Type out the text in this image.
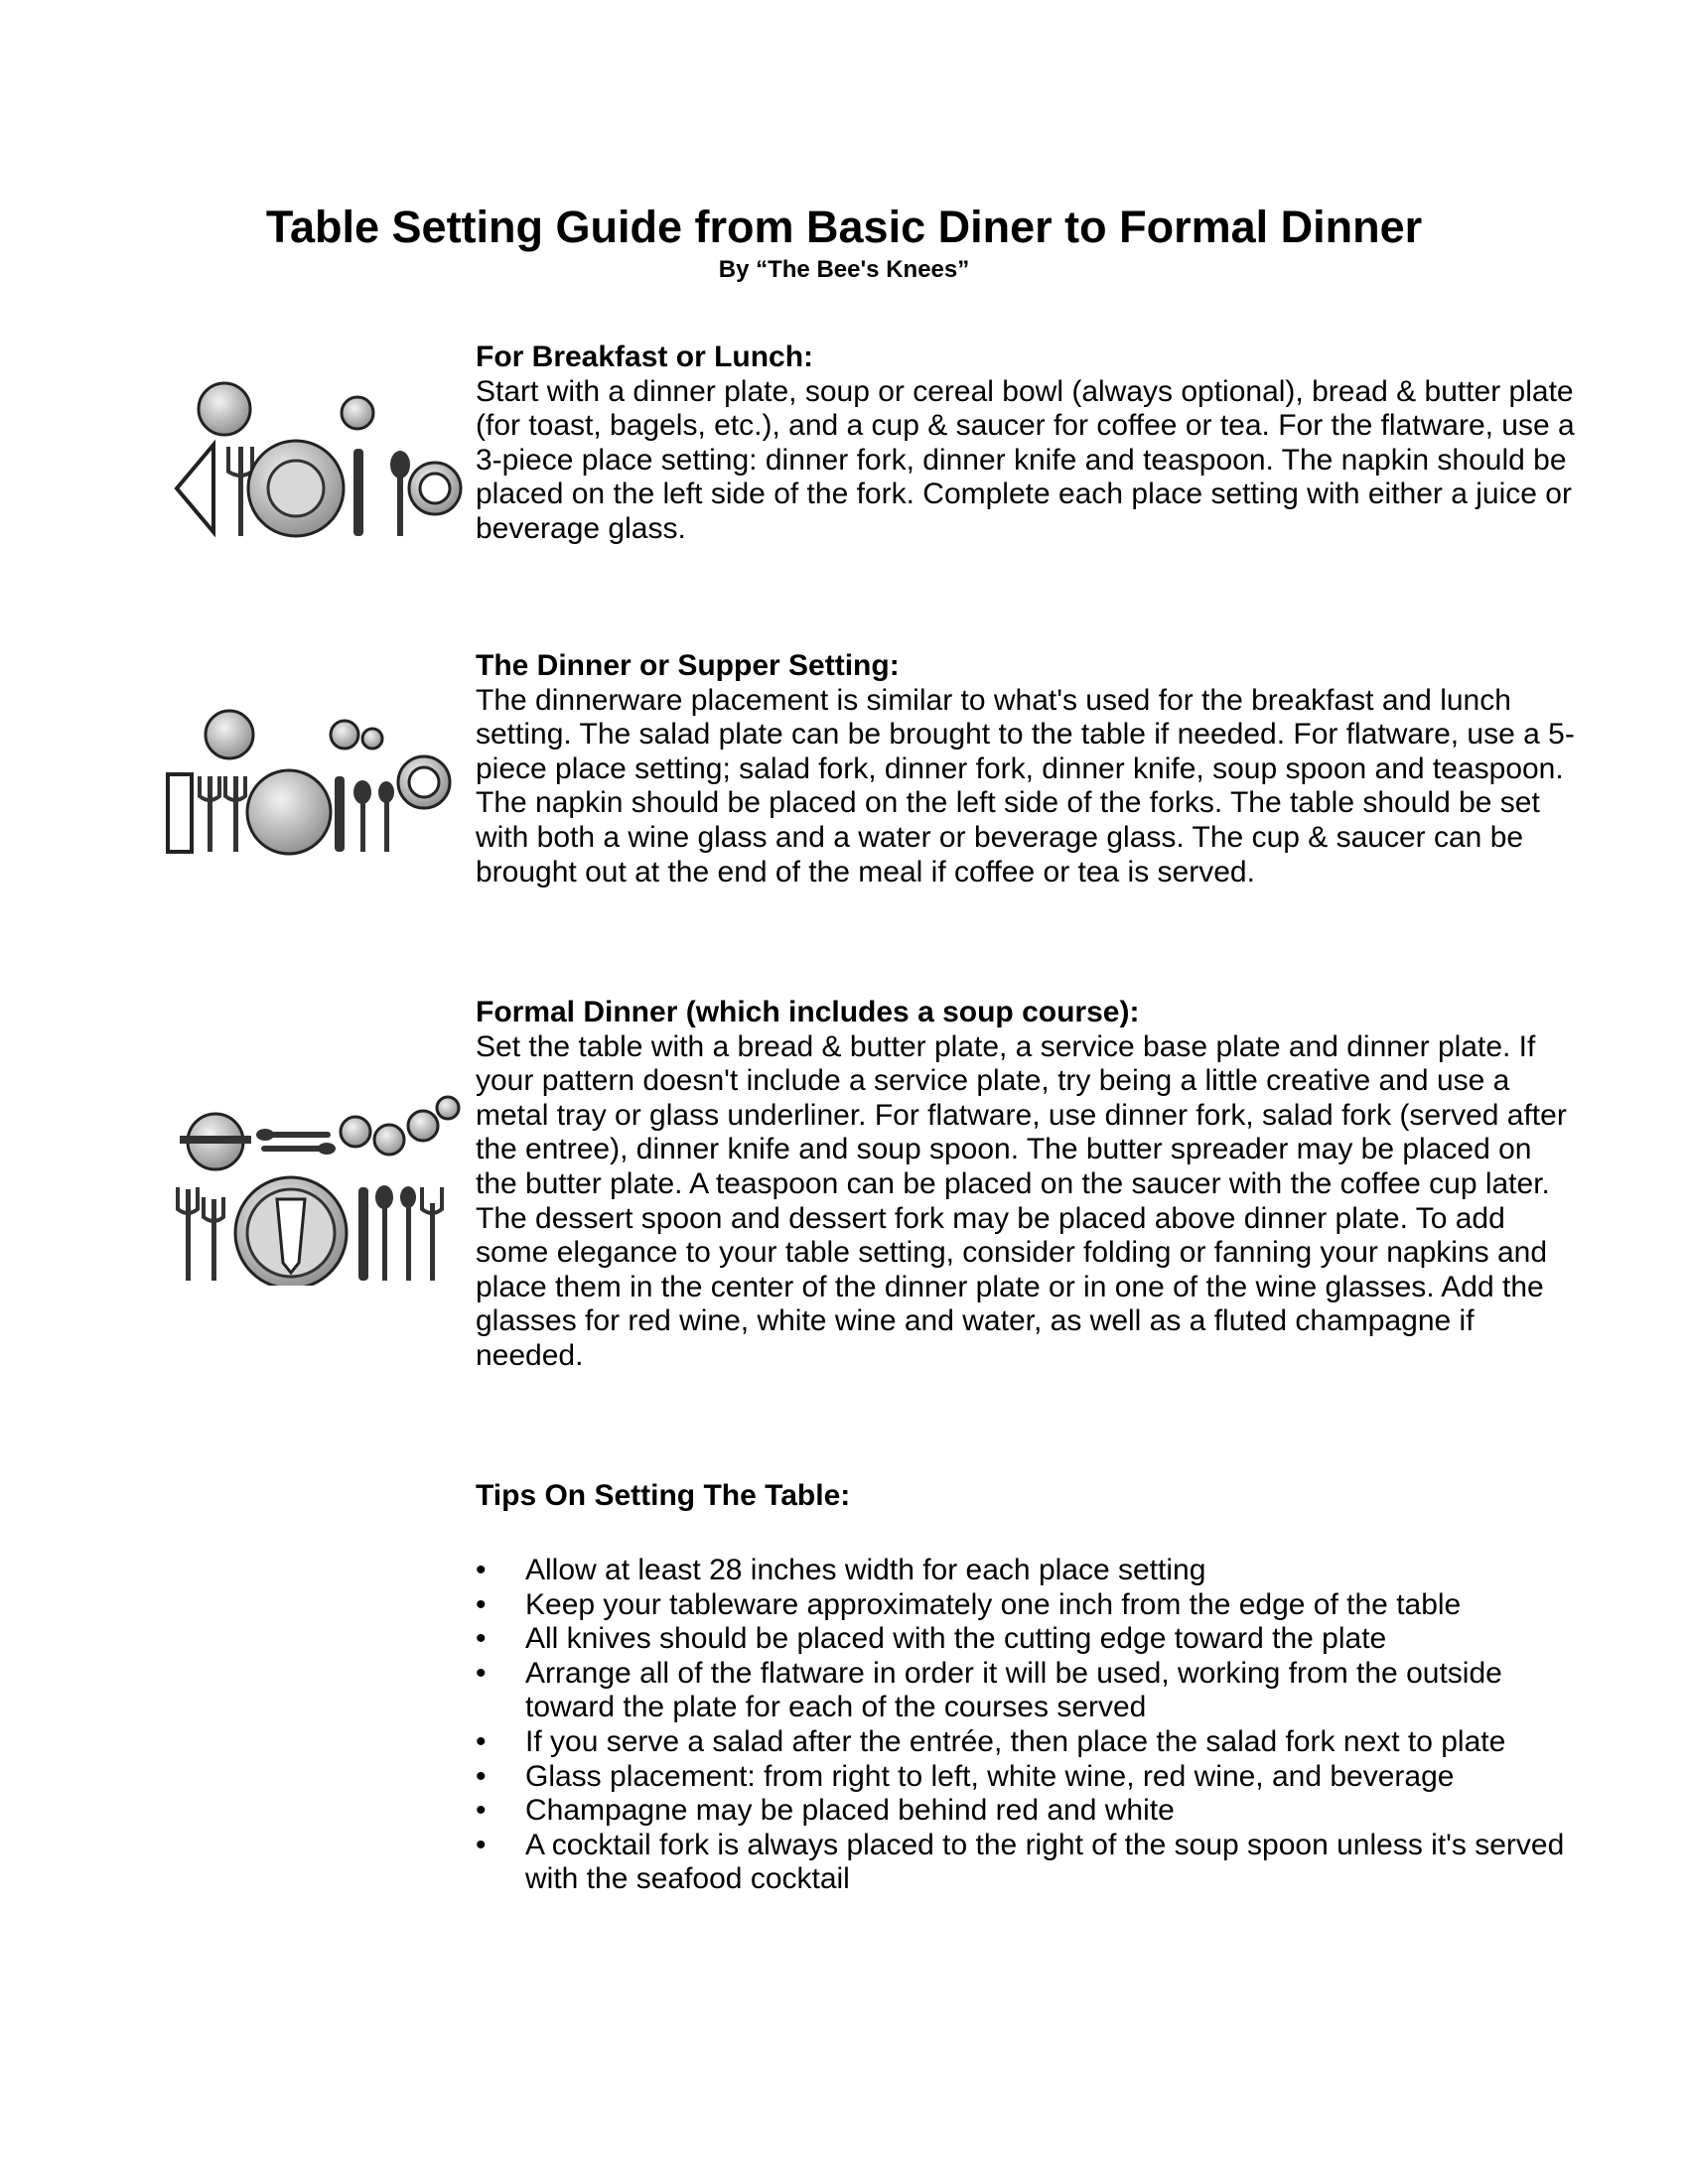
Table Setting Guide from Basic Diner to Formal Dinner
By “The Bee's Knees”
For Breakfast or Lunch:

Start with a dinner plate, soup or cereal bowl (always optional), bread & butter plate (for toast, bagels, etc.), and a cup & saucer for coffee or tea. For the flatware, use a 3-piece place setting: dinner fork, dinner knife and teaspoon. The napkin should be placed on the left side of the fork. Complete each place setting with either a juice or beverage glass.

The Dinner or Supper Setting:

The dinnerware placement is similar to what's used for the breakfast and lunch setting. The salad plate can be brought to the table if needed. For flatware, use a 5-piece place setting; salad fork, dinner fork, dinner knife, soup spoon and teaspoon. The napkin should be placed on the left side of the forks. The table should be set with both a wine glass and a water or beverage glass. The cup & saucer can be brought out at the end of the meal if coffee or tea is served.

Formal Dinner (which includes a soup course):

Set the table with a bread & butter plate, a service base plate and dinner plate. If your pattern doesn't include a service plate, try being a little creative and use a metal tray or glass underliner. For flatware, use dinner fork, salad fork (served after the entree), dinner knife and soup spoon. The butter spreader may be placed on the butter plate. A teaspoon can be placed on the saucer with the coffee cup later. The dessert spoon and dessert fork may be placed above dinner plate. To add some elegance to your table setting, consider folding or fanning your napkins and place them in the center of the dinner plate or in one of the wine glasses. Add the glasses for red wine, white wine and water, as well as a fluted champagne if needed.

Tips On Setting The Table:
• Allow at least 28 inches width for each place setting
• Keep your tableware approximately one inch from the edge of the table
• All knives should be placed with the cutting edge toward the plate
• Arrange all of the flatware in order it will be used, working from the outside toward the plate for each of the courses served
• If you serve a salad after the entrée, then place the salad fork next to plate
• Glass placement: from right to left, white wine, red wine, and beverage
• Champagne may be placed behind red and white
• A cocktail fork is always placed to the right of the soup spoon unless it's served with the seafood cocktail
